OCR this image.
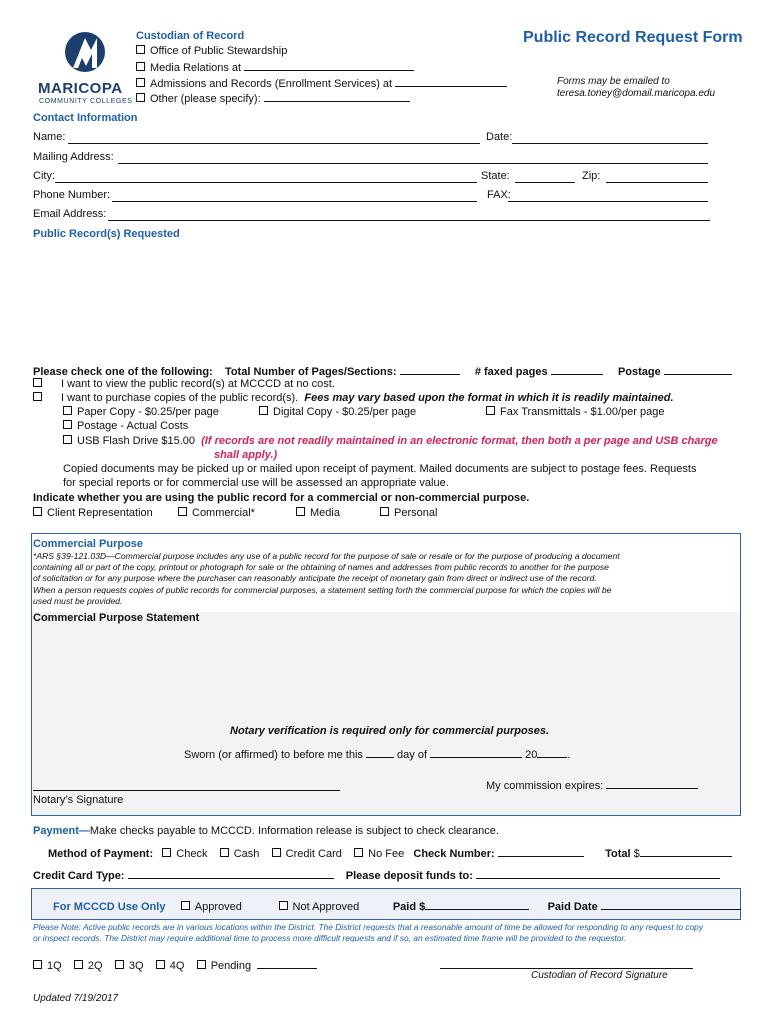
MARICOPA
COMMUNITY COLLEGES
Custodian of Record
Office of Public Stewardship
Media Relations at
Admissions and Records (Enrollment Services) at
Other (please specify):
Public Record Request Form
Forms may be emailed to
teresa.toney@domail.maricopa.edu
Contact Information
Name:	Date:
Mailing Address:
City:	State:	Zip:
Phone Number:	FAX:
Email Address:
Public Record(s) Requested
Please check one of the following: Total Number of Pages/Sections:	# faxed pages	Postage
I want to view the public record(s) at MCCCD at no cost.
I want to purchase copies of the public record(s). Fees may vary based upon the format in which it is readily maintained.
Paper Copy - $0.25/per page	Digital Copy - $0.25/per page	Fax Transmittals - $1.00/per page
Postage - Actual Costs
USB Flash Drive $15.00 (If records are not readily maintained in an electronic format, then both a per page and USB charge
shall apply.)
Copied documents may be picked up or mailed upon receipt of payment. Mailed documents are subject to postage fees. Requests
for special reports or for commercial use will be assessed an appropriate value.
Indicate whether you are using the public record for a commercial or non-commercial purpose.
Client Representation	Commercial*	Media	Personal
Commercial Purpose
*ARS §39-121.03D—Commercial purpose includes any use of a public record for the purpose of sale or resale or for the purpose of producing a document
containing all or part of the copy, printout or photograph for sale or the obtaining of names and addresses from public records to another for the purpose
of solicitation or for any purpose where the purchaser can reasonably anticipate the receipt of monetary gain from direct or indirect use of the record.
When a person requests copies of public records for commercial purposes, a statement setting forth the commercial purpose for which the copies will be
used must be provided.
Commercial Purpose Statement
Notary verification is required only for commercial purposes.
Sworn (or affirmed) to before me this	day of	20	.
My commission expires:
Notary’s Signature
Payment—Make checks payable to MCCCD. Information release is subject to check clearance.
Method of Payment: Check Cash Credit Card No Fee Check Number:	Total $
Credit Card Type:	Please deposit funds to:
For MCCCD Use Only	Approved	Not Approved	Paid $	Paid Date
Please Note: Active public records are in various locations within the District. The District requests that a reasonable amount of time be allowed for responding to any request to copy
or inspect records. The District may require additional time to process more difficult requests and if so, an estimated time frame will be provided to the requestor.
1Q 2Q 3Q 4Q Pending
Custodian of Record Signature
Updated 7/19/2017
